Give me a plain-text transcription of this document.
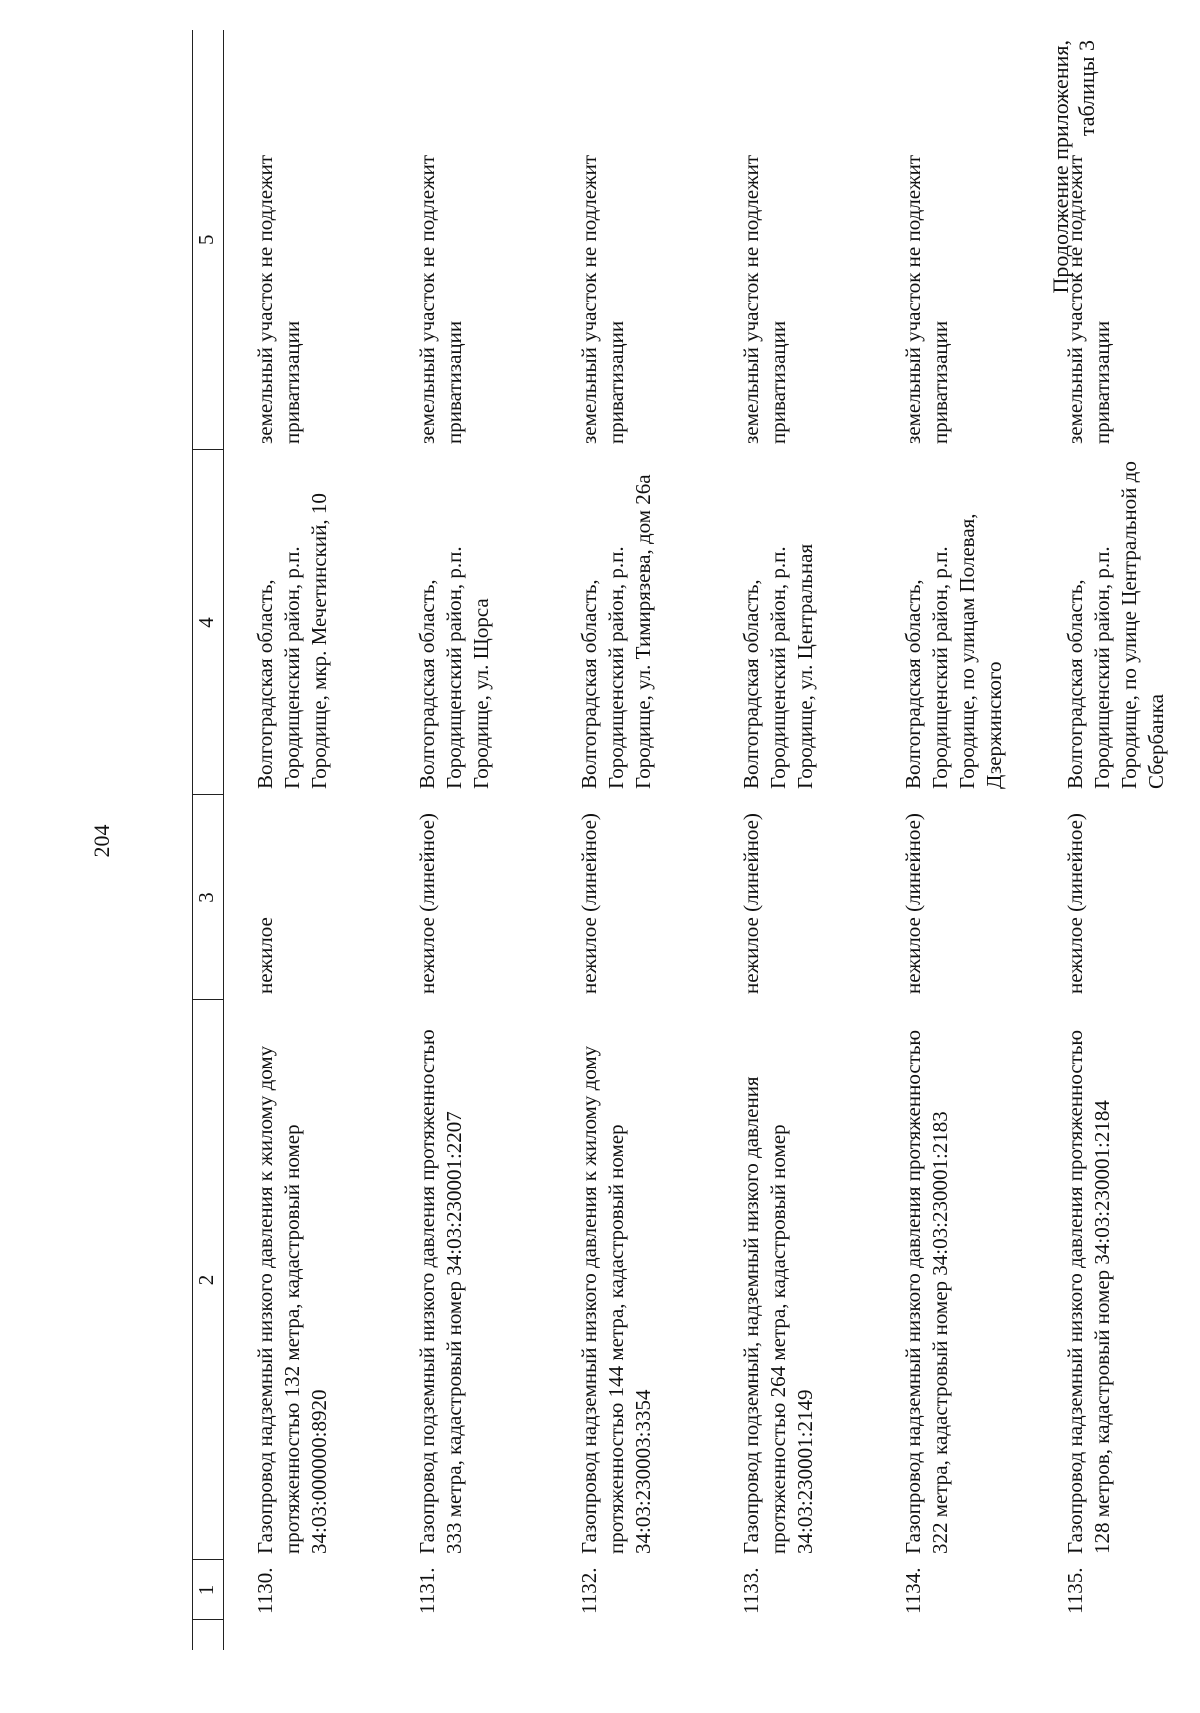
204
Продолжение приложения, таблицы 3
	1	2	3	4	5
	1130.	Газопровод надземный низкого давления к жилому дому протяженностью 132 метра, кадастровый номер 34:03:000000:8920	нежилое	Волгоградская область, Городищенский район, р.п. Городище, мкр. Мечетинский, 10	земельный участок не подлежит приватизации
	1131.	Газопровод подземный низкого давления протяженностью 333 метра, кадастровый номер 34:03:230001:2207	нежилое (линейное)	Волгоградская область, Городищенский район, р.п. Городище, ул. Щорса	земельный участок не подлежит приватизации
	1132.	Газопровод надземный низкого давления к жилому дому протяженностью 144 метра, кадастровый номер 34:03:230003:3354	нежилое (линейное)	Волгоградская область, Городищенский район, р.п. Городище, ул. Тимирязева, дом 26а	земельный участок не подлежит приватизации
	1133.	Газопровод подземный, надземный низкого давления протяженностью 264 метра, кадастровый номер 34:03:230001:2149	нежилое (линейное)	Волгоградская область, Городищенский район, р.п. Городище, ул. Центральная	земельный участок не подлежит приватизации
	1134.	Газопровод надземный низкого давления протяженностью 322 метра, кадастровый номер 34:03:230001:2183	нежилое (линейное)	Волгоградская область, Городищенский район, р.п. Городище, по улицам Полевая, Дзержинского	земельный участок не подлежит приватизации
	1135.	Газопровод надземный низкого давления протяженностью 128 метров, кадастровый номер 34:03:230001:2184	нежилое (линейное)	Волгоградская область, Городищенский район, р.п. Городище, по улице Центральной до Сбербанка	земельный участок не подлежит приватизации
